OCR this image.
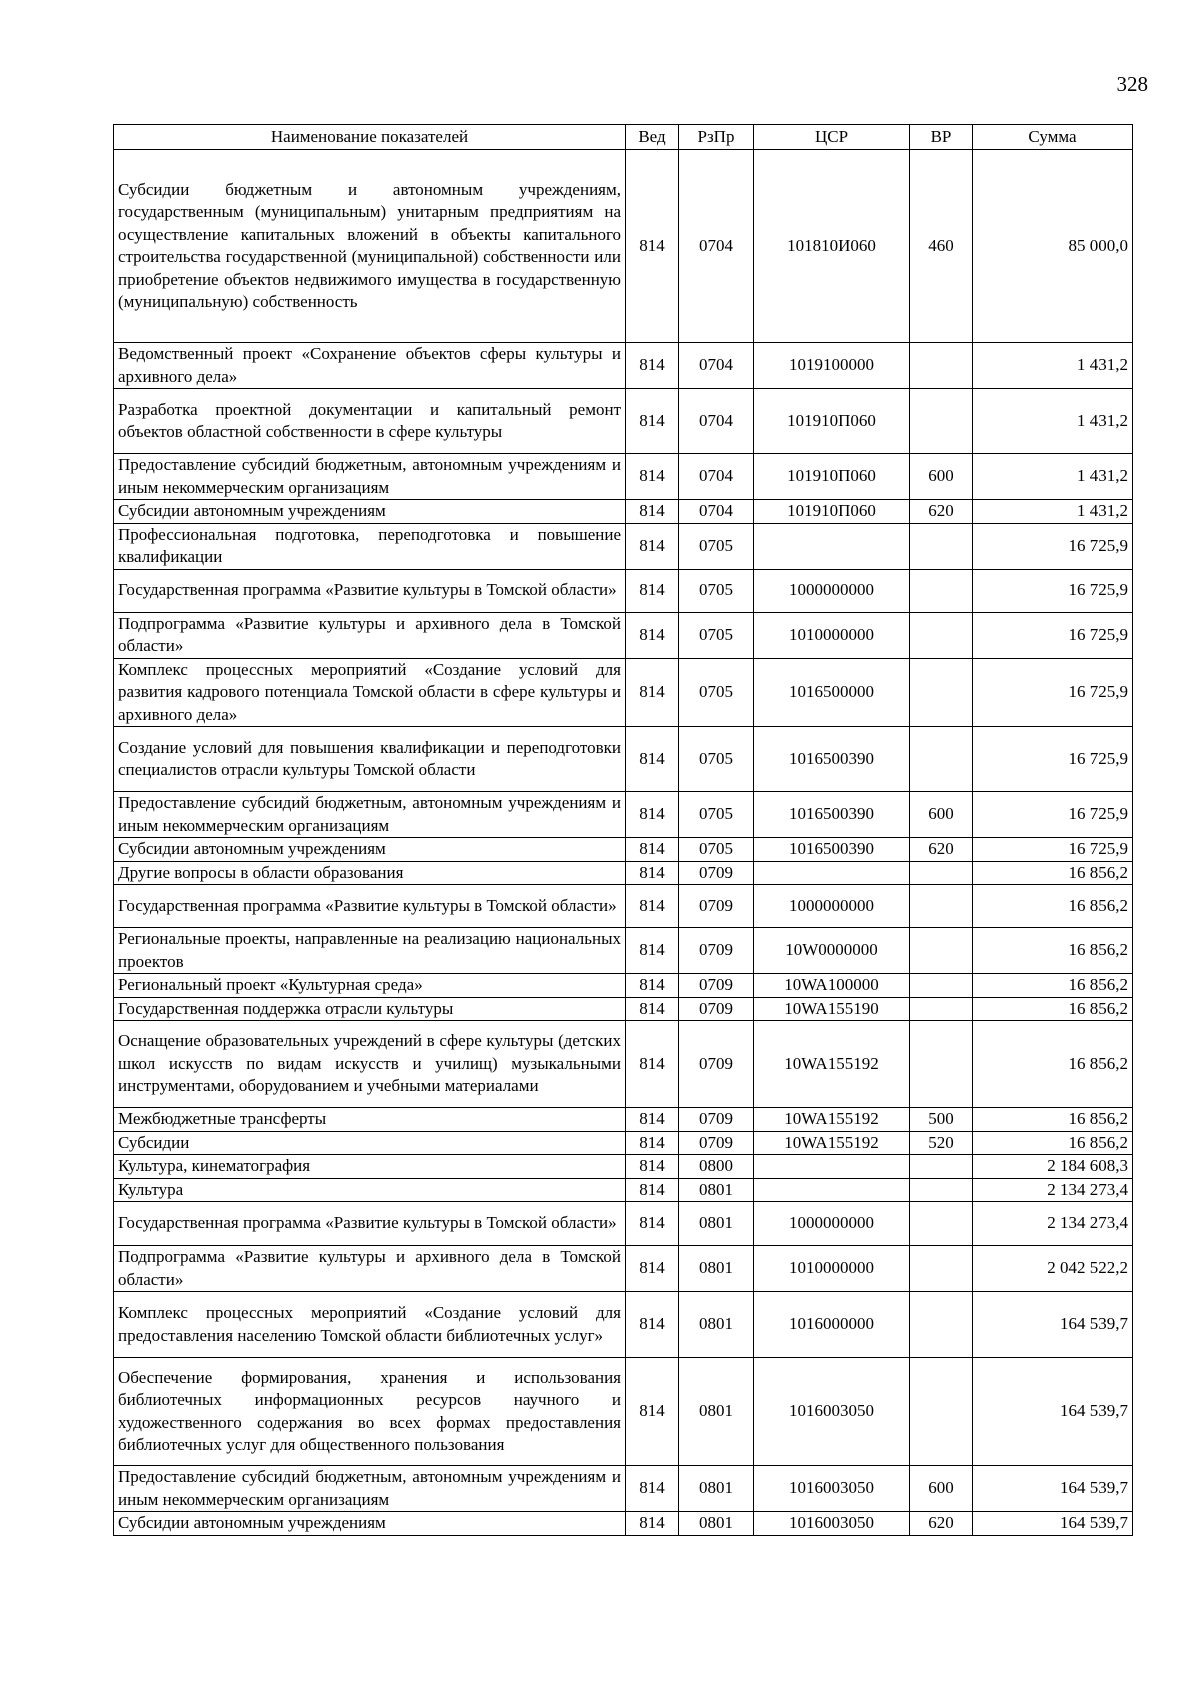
328
Наименование показателей	Вед	РзПр	ЦСР	ВР	Сумма
Субсидии бюджетным и автономным учреждениям, государственным (муниципальным) унитарным предприятиям на осуществление капитальных вложений в объекты капитального строительства государственной (муниципальной) собственности или приобретение объектов недвижимого имущества в государственную (муниципальную) собственность	814	0704	101810И060	460	85 000,0
Ведомственный проект «Сохранение объектов сферы культуры и архивного дела»	814	0704	1019100000		1 431,2
Разработка проектной документации и капитальный ремонт объектов областной собственности в сфере культуры	814	0704	101910П060		1 431,2
Предоставление субсидий бюджетным, автономным учреждениям и иным некоммерческим организациям	814	0704	101910П060	600	1 431,2
Субсидии автономным учреждениям	814	0704	101910П060	620	1 431,2
Профессиональная подготовка, переподготовка и повышение квалификации	814	0705			16 725,9
Государственная программа «Развитие культуры в Томской области»	814	0705	1000000000		16 725,9
Подпрограмма «Развитие культуры и архивного дела в Томской области»	814	0705	1010000000		16 725,9
Комплекс процессных мероприятий «Создание условий для развития кадрового потенциала Томской области в сфере культуры и архивного дела»	814	0705	1016500000		16 725,9
Создание условий для повышения квалификации и переподготовки специалистов отрасли культуры Томской области	814	0705	1016500390		16 725,9
Предоставление субсидий бюджетным, автономным учреждениям и иным некоммерческим организациям	814	0705	1016500390	600	16 725,9
Субсидии автономным учреждениям	814	0705	1016500390	620	16 725,9
Другие вопросы в области образования	814	0709			16 856,2
Государственная программа «Развитие культуры в Томской области»	814	0709	1000000000		16 856,2
Региональные проекты, направленные на реализацию национальных проектов	814	0709	10W0000000		16 856,2
Региональный проект «Культурная среда»	814	0709	10WA100000		16 856,2
Государственная поддержка отрасли культуры	814	0709	10WA155190		16 856,2
Оснащение образовательных учреждений в сфере культуры (детских школ искусств по видам искусств и училищ) музыкальными инструментами, оборудованием и учебными материалами	814	0709	10WA155192		16 856,2
Межбюджетные трансферты	814	0709	10WA155192	500	16 856,2
Субсидии	814	0709	10WA155192	520	16 856,2
Культура, кинематография	814	0800			2 184 608,3
Культура	814	0801			2 134 273,4
Государственная программа «Развитие культуры в Томской области»	814	0801	1000000000		2 134 273,4
Подпрограмма «Развитие культуры и архивного дела в Томской области»	814	0801	1010000000		2 042 522,2
Комплекс процессных мероприятий «Создание условий для предоставления населению Томской области библиотечных услуг»	814	0801	1016000000		164 539,7
Обеспечение формирования, хранения и использования библиотечных информационных ресурсов научного и художественного содержания во всех формах предоставления библиотечных услуг для общественного пользования	814	0801	1016003050		164 539,7
Предоставление субсидий бюджетным, автономным учреждениям и иным некоммерческим организациям	814	0801	1016003050	600	164 539,7
Субсидии автономным учреждениям	814	0801	1016003050	620	164 539,7
